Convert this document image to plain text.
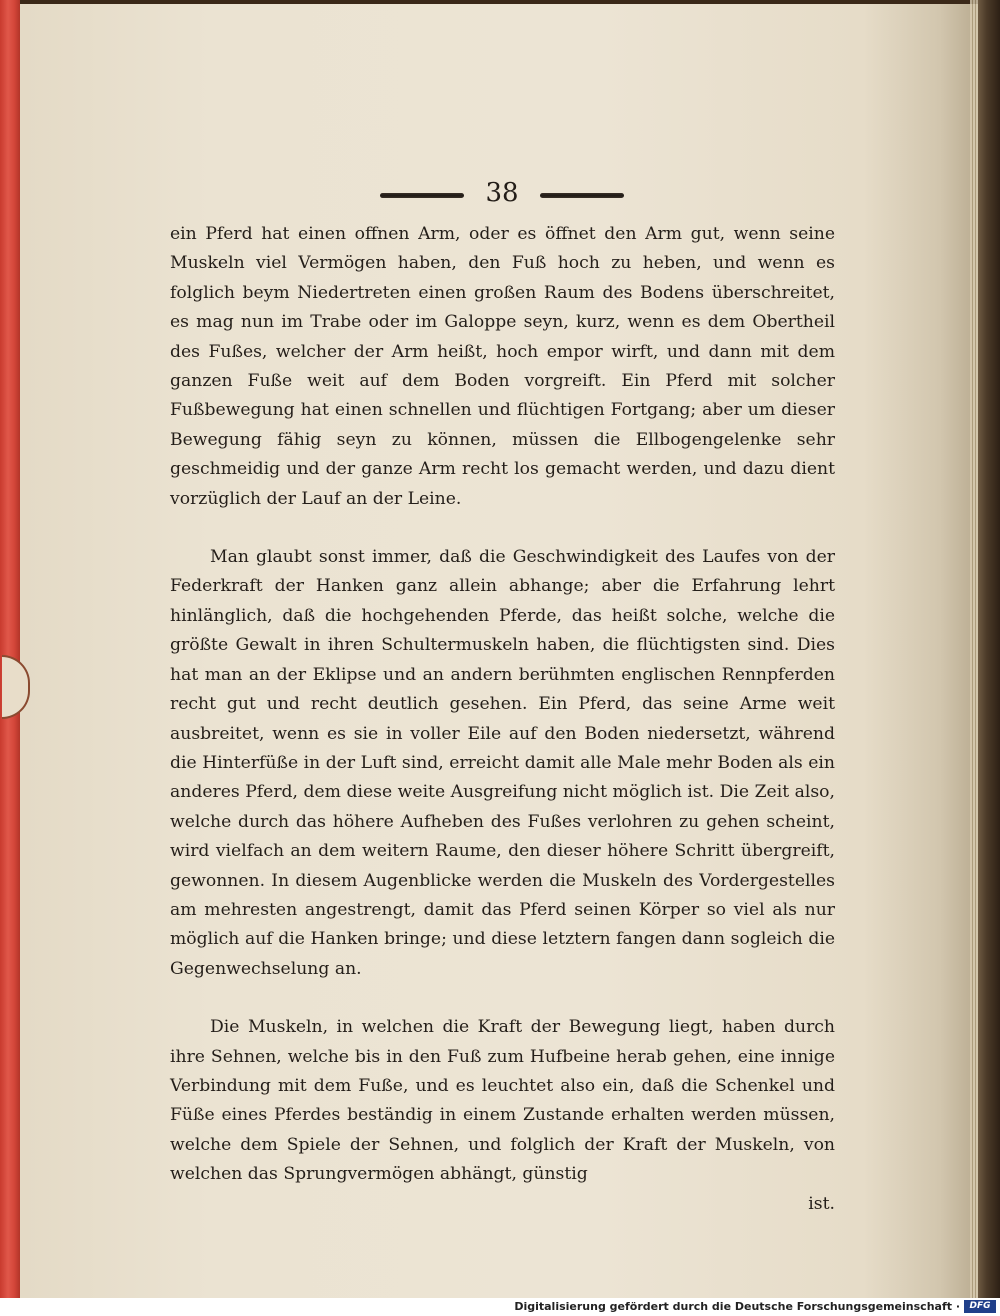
38

ein Pferd hat einen offnen Arm, oder es öffnet den Arm gut, wenn seine Muskeln viel Vermögen haben, den Fuß hoch zu heben, und wenn es folglich beym Niedertreten einen großen Raum des Bodens überschreitet, es mag nun im Trabe oder im Galoppe seyn, kurz, wenn es dem Obertheil des Fußes, welcher der Arm heißt, hoch empor wirft, und dann mit dem ganzen Fuße weit auf dem Boden vorgreift. Ein Pferd mit solcher Fußbewegung hat einen schnellen und flüchtigen Fortgang; aber um dieser Bewegung fähig seyn zu können, müssen die Ellbogengelenke sehr geschmeidig und der ganze Arm recht los gemacht werden, und dazu dient vorzüglich der Lauf an der Leine.

Man glaubt sonst immer, daß die Geschwindigkeit des Laufes von der Federkraft der Hanken ganz allein abhange; aber die Erfahrung lehrt hinlänglich, daß die hochgehenden Pferde, das heißt solche, welche die größte Gewalt in ihren Schultermuskeln haben, die flüchtigsten sind. Dies hat man an der Eklipse und an andern berühmten englischen Rennpferden recht gut und recht deutlich gesehen. Ein Pferd, das seine Arme weit ausbreitet, wenn es sie in voller Eile auf den Boden niedersetzt, während die Hinterfüße in der Luft sind, erreicht damit alle Male mehr Boden als ein anderes Pferd, dem diese weite Ausgreifung nicht möglich ist. Die Zeit also, welche durch das höhere Aufheben des Fußes verlohren zu gehen scheint, wird vielfach an dem weitern Raume, den dieser höhere Schritt übergreift, gewonnen. In diesem Augenblicke werden die Muskeln des Vordergestelles am mehresten angestrengt, damit das Pferd seinen Körper so viel als nur möglich auf die Hanken bringe; und diese letztern fangen dann sogleich die Gegenwechselung an.

Die Muskeln, in welchen die Kraft der Bewegung liegt, haben durch ihre Sehnen, welche bis in den Fuß zum Hufbeine herab gehen, eine innige Verbindung mit dem Fuße, und es leuchtet also ein, daß die Schenkel und Füße eines Pferdes beständig in einem Zustande erhalten werden müssen, welche dem Spiele der Sehnen, und folglich der Kraft der Muskeln, von welchen das Sprungvermögen abhängt, günstig

ist.
Digitalisierung gefördert durch die Deutsche Forschungsgemeinschaft ·	DFG
